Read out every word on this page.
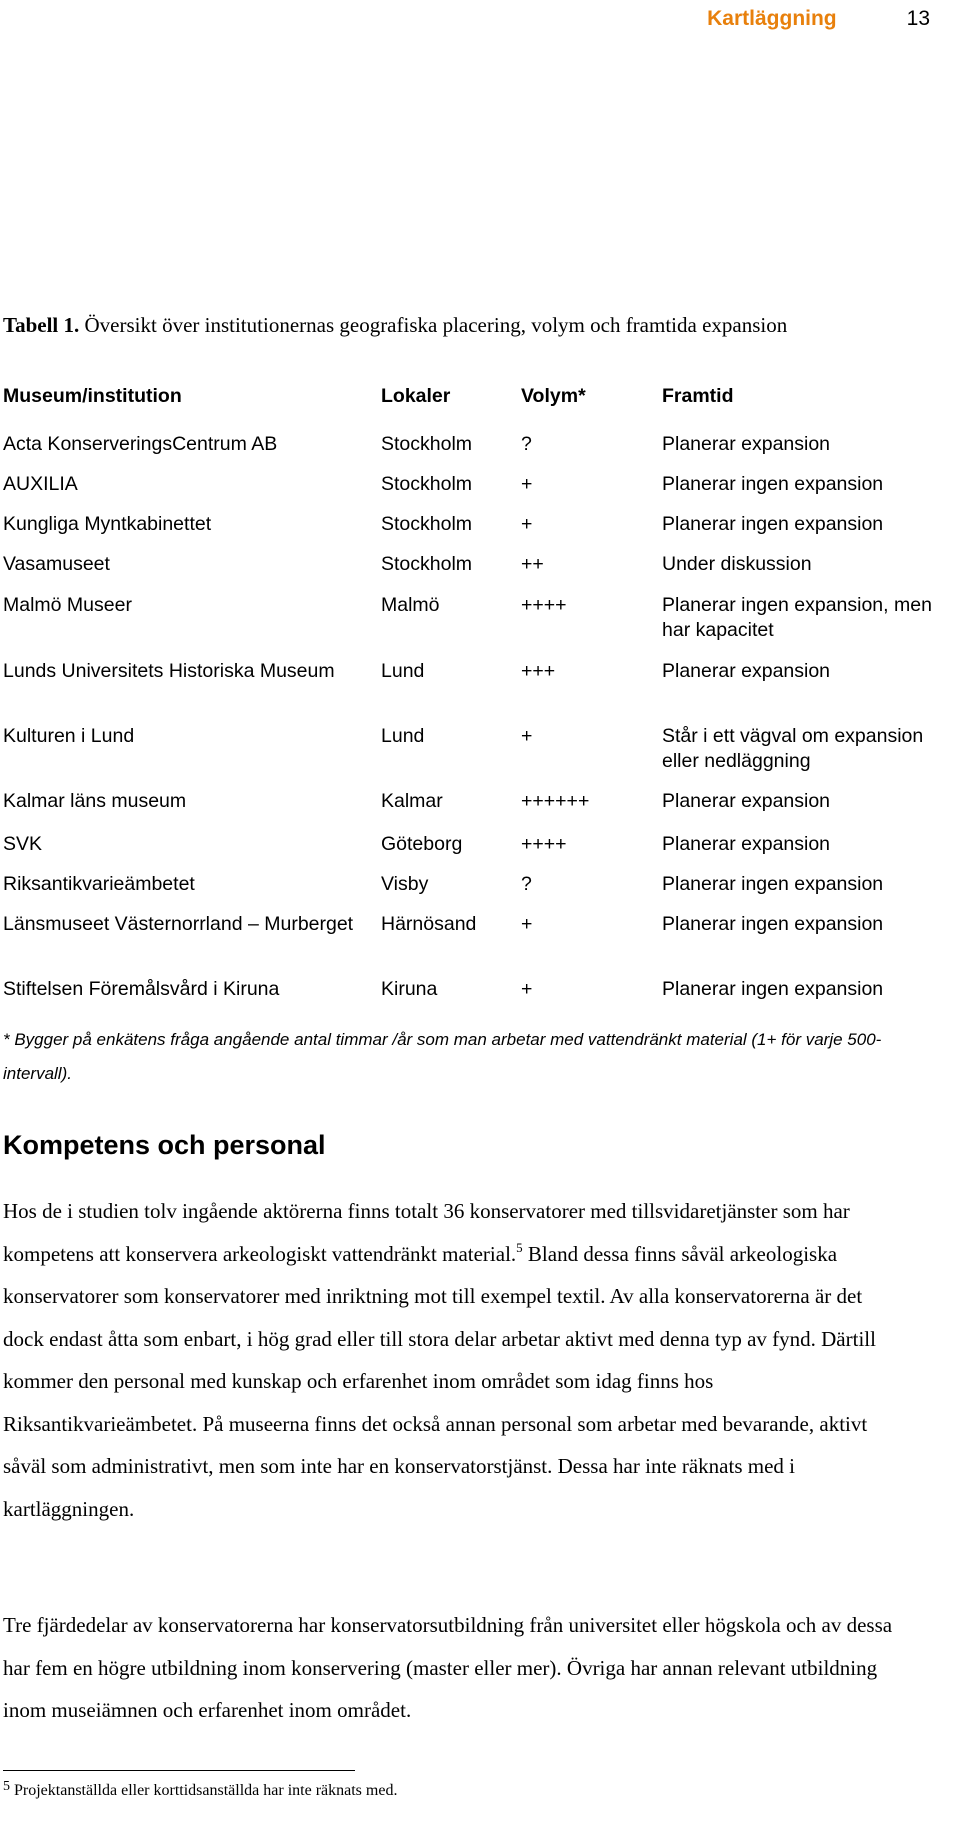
Kartläggning	13
Tabell 1. Översikt över institutionernas geografiska placering, volym och framtida expansion
Museum/institution	Lokaler	Volym*	Framtid
Acta KonserveringsCentrum AB	Stockholm	?	Planerar expansion
AUXILIA	Stockholm	+	Planerar ingen expansion
Kungliga Myntkabinettet	Stockholm	+	Planerar ingen expansion
Vasamuseet	Stockholm	++	Under diskussion
Malmö Museer	Malmö	++++	Planerar ingen expansion, men har kapacitet
Lunds Universitets Historiska Museum	Lund	+++	Planerar expansion
Kulturen i Lund	Lund	+	Står i ett vägval om expansion eller nedläggning
Kalmar läns museum	Kalmar	++++++	Planerar expansion
SVK	Göteborg	++++	Planerar expansion
Riksantikvarieämbetet	Visby	?	Planerar ingen expansion
Länsmuseet Västernorrland – Murberget	Härnösand	+	Planerar ingen expansion
Stiftelsen Föremålsvård i Kiruna	Kiruna	+	Planerar ingen expansion
* Bygger på enkätens fråga angående antal timmar /år som man arbetar med vattendränkt material (1+ för varje 500-intervall).
Kompetens och personal

Hos de i studien tolv ingående aktörerna finns totalt 36 konservatorer med tillsvidaretjänster som har kompetens att konservera arkeologiskt vattendränkt material.$^5$ Bland dessa finns såväl arkeologiska konservatorer som konservatorer med inriktning mot till exempel textil. Av alla konservatorerna är det dock endast åtta som enbart, i hög grad eller till stora delar arbetar aktivt med denna typ av fynd. Därtill kommer den personal med kunskap och erfarenhet inom området som idag finns hos Riksantikvarieämbetet. På museerna finns det också annan personal som arbetar med bevarande, aktivt såväl som administrativt, men som inte har en konservatorstjänst. Dessa har inte räknats med i kartläggningen.

Tre fjärdedelar av konservatorerna har konservatorsutbildning från universitet eller högskola och av dessa har fem en högre utbildning inom konservering (master eller mer). Övriga har annan relevant utbildning inom museiämnen och erfarenhet inom området.

5 Projektanställda eller korttidsanställda har inte räknats med.
